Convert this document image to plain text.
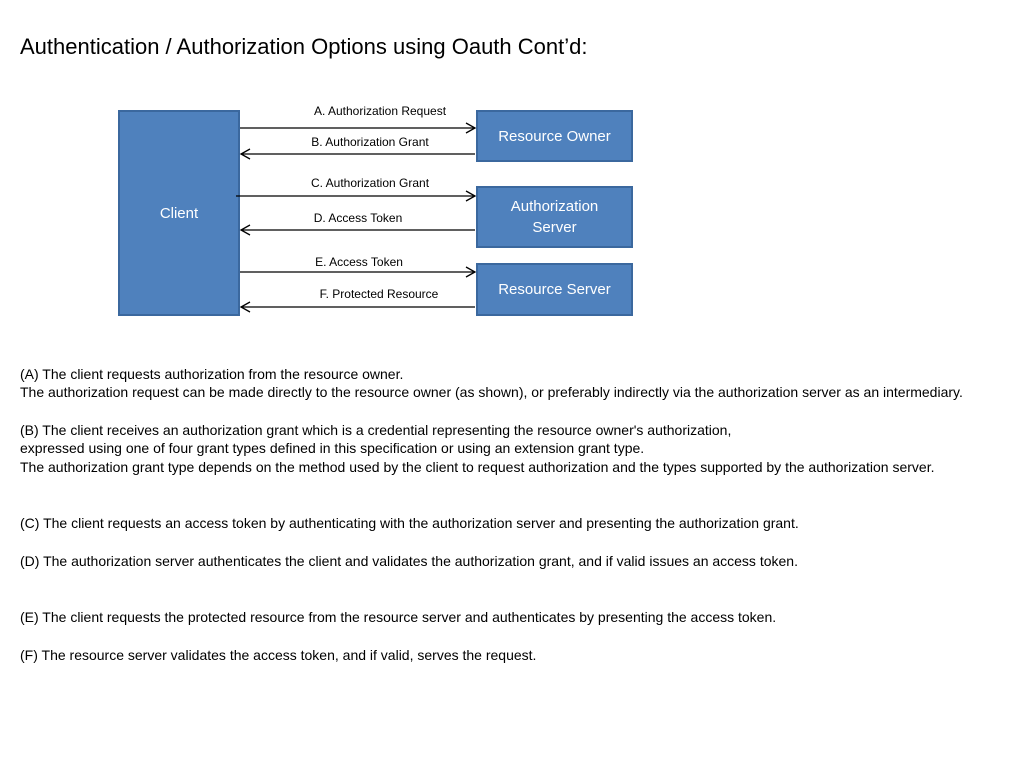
Authentication / Authorization Options using Oauth Cont’d:
Client
Resource Owner
Authorization Server
Resource Server
A. Authorization Request
B. Authorization Grant
C. Authorization Grant
D. Access Token
E. Access Token
F. Protected Resource
(A) The client requests authorization from the resource owner.
The authorization request can be made directly to the resource owner (as shown), or preferably indirectly via the authorization server as an intermediary.
(B) The client receives an authorization grant which is a credential representing the resource owner's authorization,
expressed using one of four grant types defined in this specification or using an extension grant type.
The authorization grant type depends on the method used by the client to request authorization and the types supported by the authorization server.
(C) The client requests an access token by authenticating with the authorization server and presenting the authorization grant.
(D) The authorization server authenticates the client and validates the authorization grant, and if valid issues an access token.
(E) The client requests the protected resource from the resource server and authenticates by presenting the access token.
(F) The resource server validates the access token, and if valid, serves the request.
